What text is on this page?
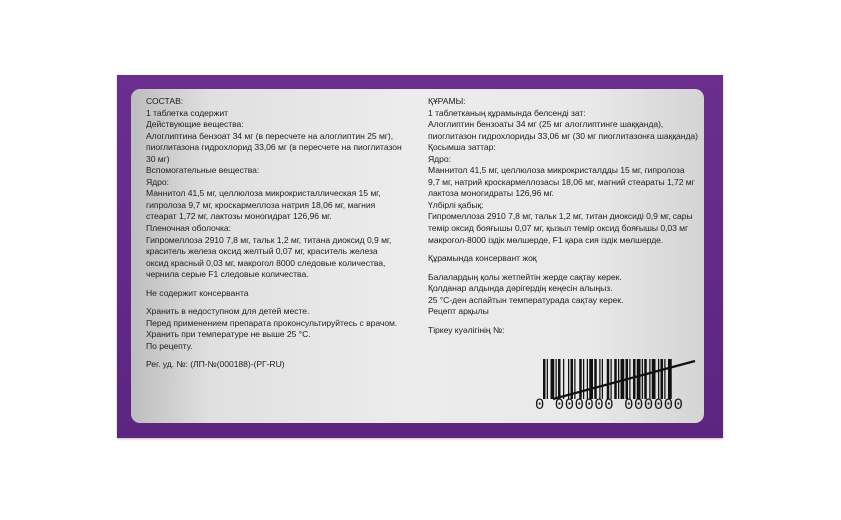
СОСТАВ:
1 таблетка содержит
Действующие вещества:
Алоглиптина бензоат 34 мг (в пересчете на алоглиптин 25 мг),
пиоглитазона гидрохлорид 33,06 мг (в пересчете на пиоглитазон
30 мг)
Вспомогательные вещества:
Ядро:
Маннитол 41,5 мг, целлюлоза микрокристаллическая 15 мг,
гипролоза 9,7 мг, кроскармеллоза натрия 18,06 мг, магния
стеарат 1,72 мг, лактозы моногидрат 126,96 мг.
Пленочная оболочка:
Гипромеллоза 2910 7,8 мг, тальк 1,2 мг, титана диоксид 0,9 мг,
краситель железа оксид желтый 0,07 мг, краситель железа
оксид красный 0,03 мг, макрогол 8000 следовые количества,
чернила серые F1 следовые количества.
Не содержит консерванта
Хранить в недоступном для детей месте.
Перед применением препарата проконсультируйтесь с врачом.
Хранить при температуре не выше 25 °С.
По рецепту.
Рег. уд. №: (ЛП-№(000188)-(РГ-RU)
ҚҰРАМЫ:
1 таблетканың құрамында белсенді зат:
Алоглиптин бензоаты 34 мг (25 мг алоглиптинге шаққанда),
пиоглитазон гидрохлориды 33,06 мг (30 мг пиоглитазонға шаққанда)
Қосымша заттар:
Ядро:
Маннитол 41,5 мг, целлюлоза микрокристалдды 15 мг, гипролоза
9,7 мг, натрий кроскармеллозасы 18,06 мг, магний стеараты 1,72 мг
лактоза моногидраты 126,96 мг.
Үлбірлі қабық:
Гипромеллоза 2910 7,8 мг, тальк 1,2 мг, титан диоксиді 0,9 мг, сары
темір оксид бояғышы 0,07 мг, қызыл темір оксид бояғышы 0,03 мг
макрогол-8000 іздік мөлшерде, F1 қара сия іздік мөлшерде.
Құрамында консервант жоқ
Балалардың қолы жетпейтін жерде сақтау керек.
Қолданар алдында дәрігердің кеңесін алыңыз.
25 °С-ден аспайтын температурада сақтау керек.
Рецепт арқылы
Тіркеу куәлігінің №:
0 000000 000000
